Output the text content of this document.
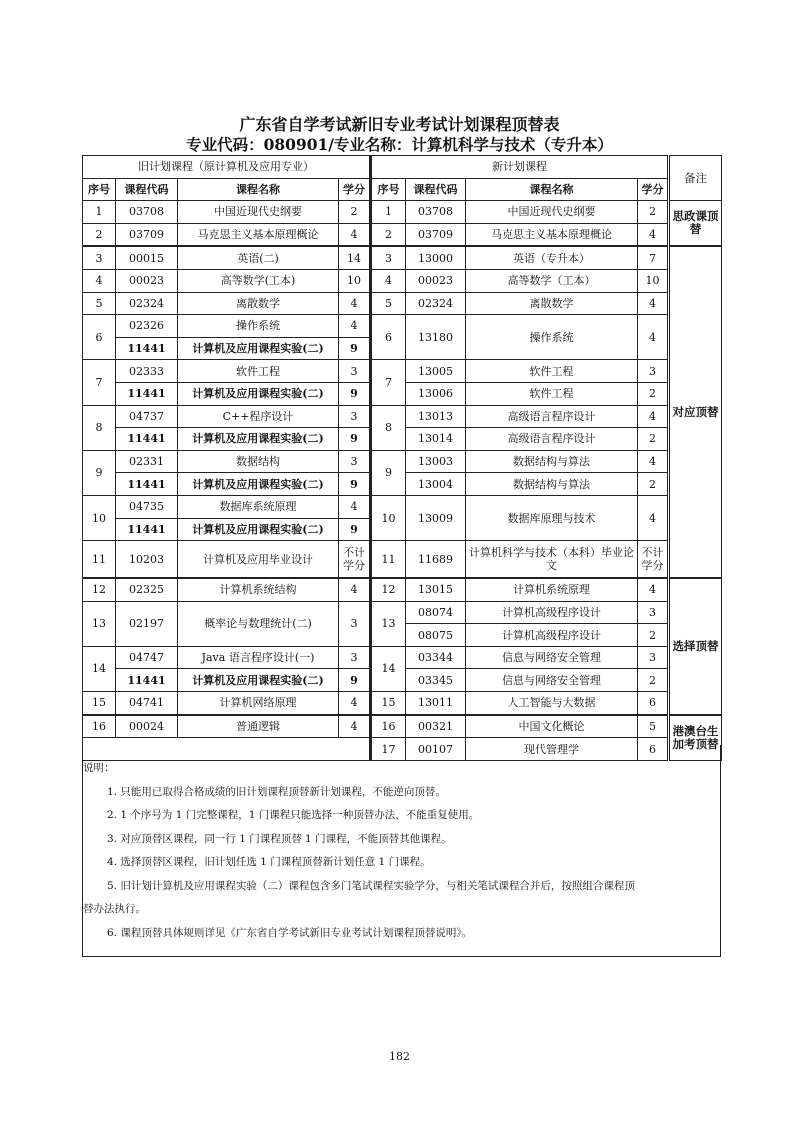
广东省自学考试新旧专业考试计划课程顶替表
专业代码：080901/专业名称：计算机科学与技术（专升本）
旧计划课程（原计算机及应用专业）				新计划课程				备注
序号	课程代码	课程名称	学分	序号	课程代码	课程名称	学分	
1	03708	中国近现代史纲要	2	1	03708	中国近现代史纲要	2	思政课顶替
2	03709	马克思主义基本原理概论	4	2	03709	马克思主义基本原理概论	4	
3	00015	英语(二)	14	3	13000	英语（专升本）	7	对应顶替
4	00023	高等数学(工本)	10	4	00023	高等数学（工本）	10	
5	02324	离散数学	4	5	02324	离散数学	4	
6	02326	操作系统	4	6	13180	操作系统	4	
	11441	计算机及应用课程实验(二)	9					
7	02333	软件工程	3	7	13005	软件工程	3	
	11441	计算机及应用课程实验(二)	9		13006	软件工程	2	
8	04737	C++程序设计	3	8	13013	高级语言程序设计	4	
	11441	计算机及应用课程实验(二)	9		13014	高级语言程序设计	2	
9	02331	数据结构	3	9	13003	数据结构与算法	4	
	11441	计算机及应用课程实验(二)	9		13004	数据结构与算法	2	
10	04735	数据库系统原理	4	10	13009	数据库原理与技术	4	
	11441	计算机及应用课程实验(二)	9					
11	10203	计算机及应用毕业设计	不计学分	11	11689	计算机科学与技术（本科）毕业论文	不计学分	
12	02325	计算机系统结构	4	12	13015	计算机系统原理	4	选择顶替
13	02197	概率论与数理统计(二)	3	13	08074	计算机高级程序设计	3	
					08075	计算机高级程序设计	2	
14	04747	Java 语言程序设计(一)	3	14	03344	信息与网络安全管理	3	
	11441	计算机及应用课程实验(二)	9		03345	信息与网络安全管理	2	
15	04741	计算机网络原理	4	15	13011	人工智能与大数据	6	
16	00024	普通逻辑	4	16	00321	中国文化概论	5	港澳台生加考顶替
				17	00107	现代管理学	6	

说明：

1. 只能用已取得合格成绩的旧计划课程顶替新计划课程，不能逆向顶替。

2. 1 个序号为 1 门完整课程，1 门课程只能选择一种顶替办法，不能重复使用。

3. 对应顶替区课程，同一行 1 门课程顶替 1 门课程，不能顶替其他课程。

4. 选择顶替区课程，旧计划任选 1 门课程顶替新计划任意 1 门课程。

5. 旧计划计算机及应用课程实验（二）课程包含多门笔试课程实验学分，与相关笔试课程合并后，按照组合课程顶

替办法执行。

6. 课程顶替具体规则详见《广东省自学考试新旧专业考试计划课程顶替说明》。

182
